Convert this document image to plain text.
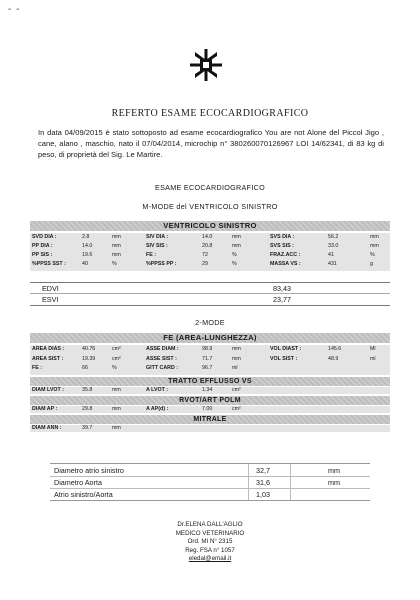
- -
REFERTO ESAME ECOCARDIOGRAFICO
In data 04/09/2015 è stato sottoposto ad esame ecocardiografico You are not Alone del Piccol Jigo , cane, alano , maschio, nato il 07/04/2014, microchip n° 380260070126967 LOI 14/62341, di 83 kg di peso, di proprietà del Sig. Le Martire.
ESAME ECOCARDIOGRAFICO
M-MODE del VENTRICOLO SINISTRO
VENTRICOLO SINISTRO
SVD DIA :	2.8	mm	SIV DIA :	14.0	mm	SVS DIA :	56.2	mm
PP DIA :	14.0	mm	SIV SIS :	20.8	mm	SVS SIS :	33.0	mm
PP SIS :	19.6	mm	FE :	72	%	FRAZ.ACC :	41	%
%PPSS SST :	40	%	%PPSS PP :	29	%	MASSA VS :	431	g
EDVI	83,43
ESVI	23,77
2-MODE
FE (AREA-LUNGHEZZA)
AREA DIAS :	40.76	cm²	ASSE DIAM :	98.9	mm	VOL DIAST :	145.6	Ml
AREA SIST :	19.39	cm²	ASSE SIST :	71.7	mm	VOL SIST :	48.9	ml
FE :	66	%	GITT CARD :	96.7	ml
TRATTO EFFLUSSO VS
DIAM LVOT :	35.8	mm	A LVOT :	1.34	cm²
RVOT/ART POLM
DIAM AP :	29.8	mm	A AP(d) :	7.00	cm²
MITRALE
DIAM ANN :	39.7	mm
Diametro atrio sinistro	32,7	mm
Diametro Aorta	31,6	mm
Atrio sinistro/Aorta	1,03
Dr.ELENA DALL'AGLIO
MEDICO VETERINARIO
Ord. MI N° 2315
Reg. FSA n° 1057
eledal@email.it
